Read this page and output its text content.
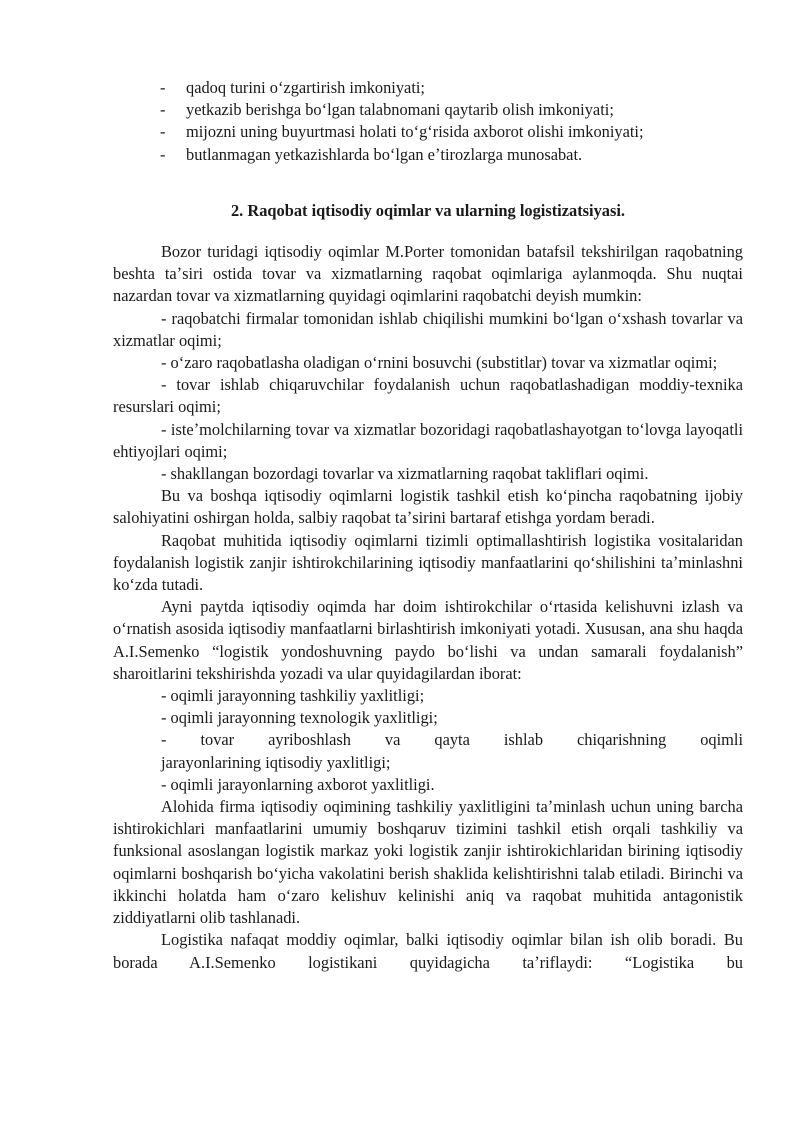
- qadoq turini oʻzgartirish imkoniyati;
- yetkazib berishga boʻlgan talabnomani qaytarib olish imkoniyati;
- mijozni uning buyurtmasi holati toʻgʻrisida axborot olishi imkoniyati;
- butlanmagan yetkazishlarda boʻlgan eʼtirozlarga munosabat.
2. Raqobat iqtisodiy oqimlar va ularning logistizatsiyasi.

Bozor turidagi iqtisodiy oqimlar M.Porter tomonidan batafsil tekshirilgan raqobatning beshta taʼsiri ostida tovar va xizmatlarning raqobat oqimlariga aylanmoqda. Shu nuqtai nazardan tovar va xizmatlarning quyidagi oqimlarini raqobatchi deyish mumkin:

- raqobatchi firmalar tomonidan ishlab chiqilishi mumkini boʻlgan oʻxshash tovarlar va xizmatlar oqimi;

- oʻzaro raqobatlasha oladigan oʻrnini bosuvchi (substitlar) tovar va xizmatlar oqimi;

- tovar ishlab chiqaruvchilar foydalanish uchun raqobatlashadigan moddiy-texnika resurslari oqimi;

- isteʼmolchilarning tovar va xizmatlar bozoridagi raqobatlashayotgan toʻlovga layoqatli ehtiyojlari oqimi;

- shakllangan bozordagi tovarlar va xizmatlarning raqobat takliflari oqimi.

Bu va boshqa iqtisodiy oqimlarni logistik tashkil etish koʻpincha raqobatning ijobiy salohiyatini oshirgan holda, salbiy raqobat taʼsirini bartaraf etishga yordam beradi.

Raqobat muhitida iqtisodiy oqimlarni tizimli optimallashtirish logistika vositalaridan foydalanish logistik zanjir ishtirokchilarining iqtisodiy manfaatlarini qoʻshilishini taʼminlashni koʻzda tutadi.

Ayni paytda iqtisodiy oqimda har doim ishtirokchilar oʻrtasida kelishuvni izlash va oʻrnatish asosida iqtisodiy manfaatlarni birlashtirish imkoniyati yotadi. Xususan, ana shu haqda A.I.Semenko “logistik yondoshuvning paydo boʻlishi va undan samarali foydalanish” sharoitlarini tekshirishda yozadi va ular quyidagilardan iborat:

- oqimli jarayonning tashkiliy yaxlitligi;

- oqimli jarayonning texnologik yaxlitligi;

- tovar ayriboshlash va qayta ishlab chiqarishning oqimli

jarayonlarining iqtisodiy yaxlitligi;

- oqimli jarayonlarning axborot yaxlitligi.

Alohida firma iqtisodiy oqimining tashkiliy yaxlitligini taʼminlash uchun uning barcha ishtirokichlari manfaatlarini umumiy boshqaruv tizimini tashkil etish orqali tashkiliy va funksional asoslangan logistik markaz yoki logistik zanjir ishtirokichlaridan birining iqtisodiy oqimlarni boshqarish boʻyicha vakolatini berish shaklida kelishtirishni talab etiladi. Birinchi va ikkinchi holatda ham oʻzaro kelishuv kelinishi aniq va raqobat muhitida antagonistik ziddiyatlarni olib tashlanadi.

Logistika nafaqat moddiy oqimlar, balki iqtisodiy oqimlar bilan ish olib boradi. Bu borada A.I.Semenko logistikani quyidagicha taʼriflaydi: “Logistika bu
